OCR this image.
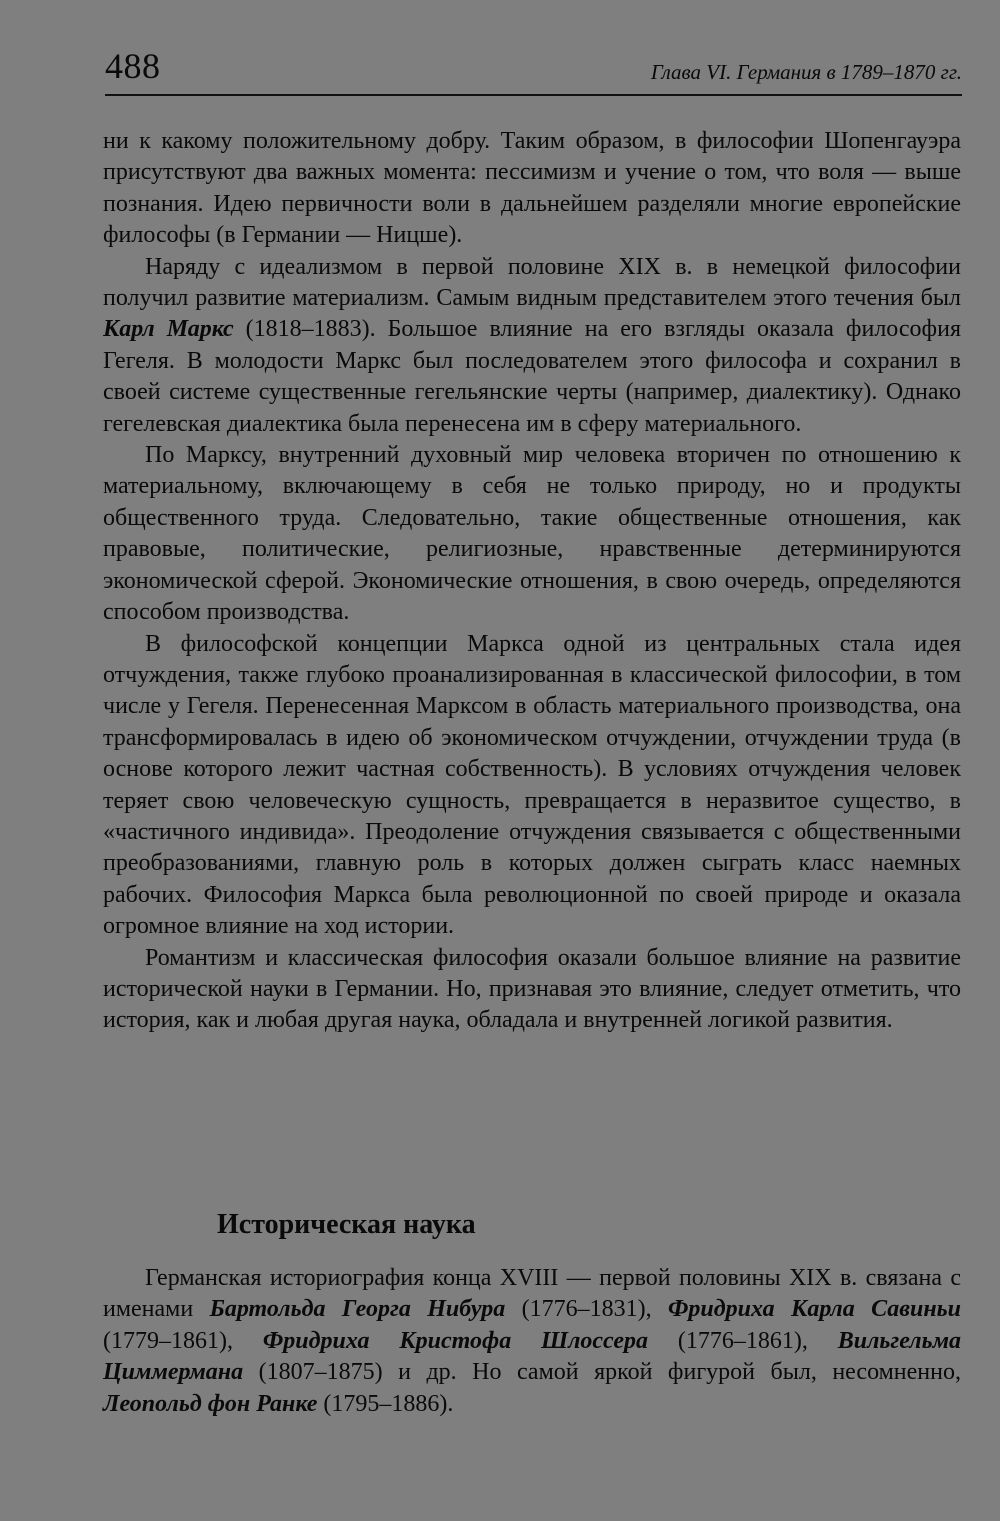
488	Глава VI. Германия в 1789–1870 гг.

ни к какому положительному добру. Таким образом, в философии Шопенгауэра присутствуют два важных момента: пессимизм и учение о том, что воля — выше познания. Идею первичности воли в дальнейшем разделяли многие европейские философы (в Германии — Ницше).

Наряду с идеализмом в первой половине XIX в. в немецкой философии получил развитие материализм. Самым видным представителем этого течения был Карл Маркс (1818–1883). Большое влияние на его взгляды оказала философия Гегеля. В молодости Маркс был последователем этого философа и сохранил в своей системе существенные гегельянские черты (например, диалектику). Однако гегелевская диалектика была перенесена им в сферу материального.

По Марксу, внутренний духовный мир человека вторичен по отношению к материальному, включающему в себя не только природу, но и продукты общественного труда. Следовательно, такие общественные отношения, как правовые, политические, религиозные, нравственные детерминируются экономической сферой. Экономические отношения, в свою очередь, определяются способом производства.

В философской концепции Маркса одной из центральных стала идея отчуждения, также глубоко проанализированная в классической философии, в том числе у Гегеля. Перенесенная Марксом в область материального производства, она трансформировалась в идею об экономическом отчуждении, отчуждении труда (в основе которого лежит частная собственность). В условиях отчуждения человек теряет свою человеческую сущность, превращается в неразвитое существо, в «частичного индивида». Преодоление отчуждения связывается с общественными преобразованиями, главную роль в которых должен сыграть класс наемных рабочих. Философия Маркса была революционной по своей природе и оказала огромное влияние на ход истории.

Романтизм и классическая философия оказали большое влияние на развитие исторической науки в Германии. Но, признавая это влияние, следует отметить, что история, как и любая другая наука, обладала и внутренней логикой развития.

Историческая наука

Германская историография конца XVIII — первой половины XIX в. связана с именами Бартольда Георга Нибура (1776–1831), Фридриха Карла Савиньи (1779–1861), Фридриха Кристофа Шлоссера (1776–1861), Вильгельма Циммермана (1807–1875) и др. Но самой яркой фигурой был, несомненно, Леопольд фон Ранке (1795–1886).
